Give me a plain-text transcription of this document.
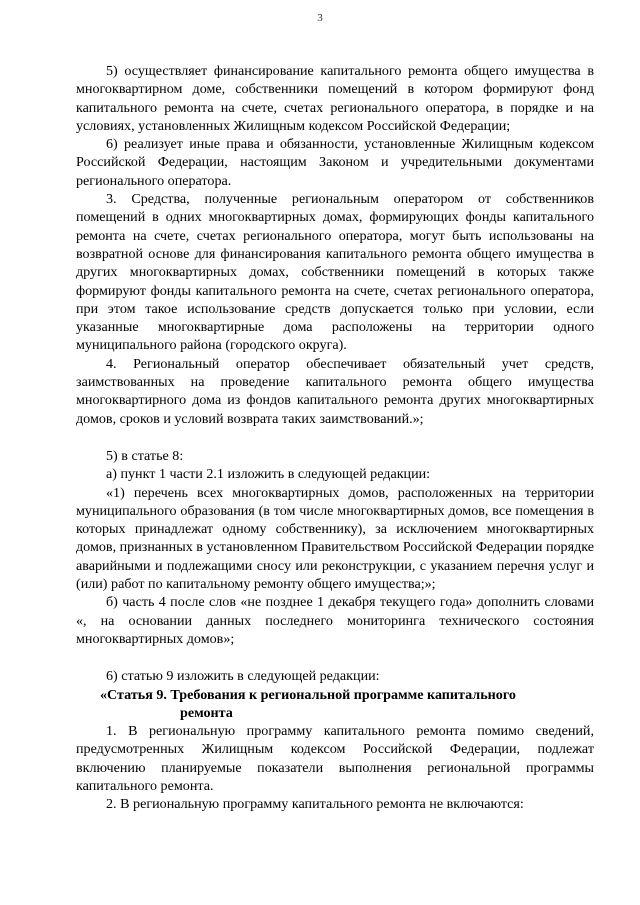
3

5) осуществляет финансирование капитального ремонта общего имущества в многоквартирном доме, собственники помещений в котором формируют фонд капитального ремонта на счете, счетах регионального оператора, в порядке и на условиях, установленных Жилищным кодексом Российской Федерации;

6) реализует иные права и обязанности, установленные Жилищным кодексом Российской Федерации, настоящим Законом и учредительными документами регионального оператора.

3. Средства, полученные региональным оператором от собственников помещений в одних многоквартирных домах, формирующих фонды капитального ремонта на счете, счетах регионального оператора, могут быть использованы на возвратной основе для финансирования капитального ремонта общего имущества в других многоквартирных домах, собственники помещений в которых также формируют фонды капитального ремонта на счете, счетах регионального оператора, при этом такое использование средств допускается только при условии, если указанные многоквартирные дома расположены на территории одного муниципального района (городского округа).

4. Региональный оператор обеспечивает обязательный учет средств, заимствованных на проведение капитального ремонта общего имущества многоквартирного дома из фондов капитального ремонта других многоквартирных домов, сроков и условий возврата таких заимствований.»;

5) в статье 8:

а) пункт 1 части 2.1 изложить в следующей редакции:

«1) перечень всех многоквартирных домов, расположенных на территории муниципального образования (в том числе многоквартирных домов, все помещения в которых принадлежат одному собственнику), за исключением многоквартирных домов, признанных в установленном Правительством Российской Федерации порядке аварийными и подлежащими сносу или реконструкции, с указанием перечня услуг и (или) работ по капитальному ремонту общего имущества;»;

б) часть 4 после слов «не позднее 1 декабря текущего года» дополнить словами «, на основании данных последнего мониторинга технического состояния многоквартирных домов»;

6) статью 9 изложить в следующей редакции:

«Статья 9. Требования к региональной программе капитального
ремонта

1. В региональную программу капитального ремонта помимо сведений, предусмотренных Жилищным кодексом Российской Федерации, подлежат включению планируемые показатели выполнения региональной программы капитального ремонта.

2. В региональную программу капитального ремонта не включаются:
